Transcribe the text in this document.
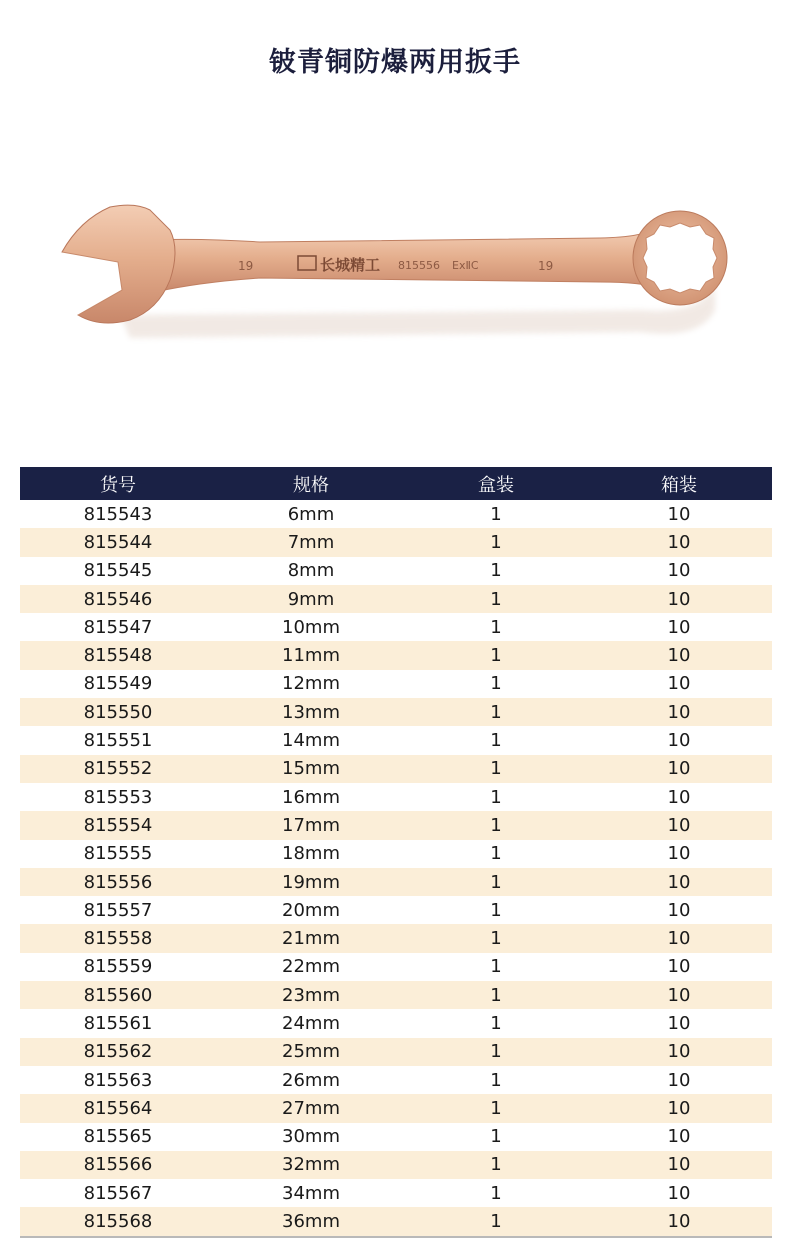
铍青铜防爆两用扳手
19	长城精工 815556 ExⅡC	19
货号	规格	盒装	箱装
815543	6mm	1	10
815544	7mm	1	10
815545	8mm	1	10
815546	9mm	1	10
815547	10mm	1	10
815548	11mm	1	10
815549	12mm	1	10
815550	13mm	1	10
815551	14mm	1	10
815552	15mm	1	10
815553	16mm	1	10
815554	17mm	1	10
815555	18mm	1	10
815556	19mm	1	10
815557	20mm	1	10
815558	21mm	1	10
815559	22mm	1	10
815560	23mm	1	10
815561	24mm	1	10
815562	25mm	1	10
815563	26mm	1	10
815564	27mm	1	10
815565	30mm	1	10
815566	32mm	1	10
815567	34mm	1	10
815568	36mm	1	10
